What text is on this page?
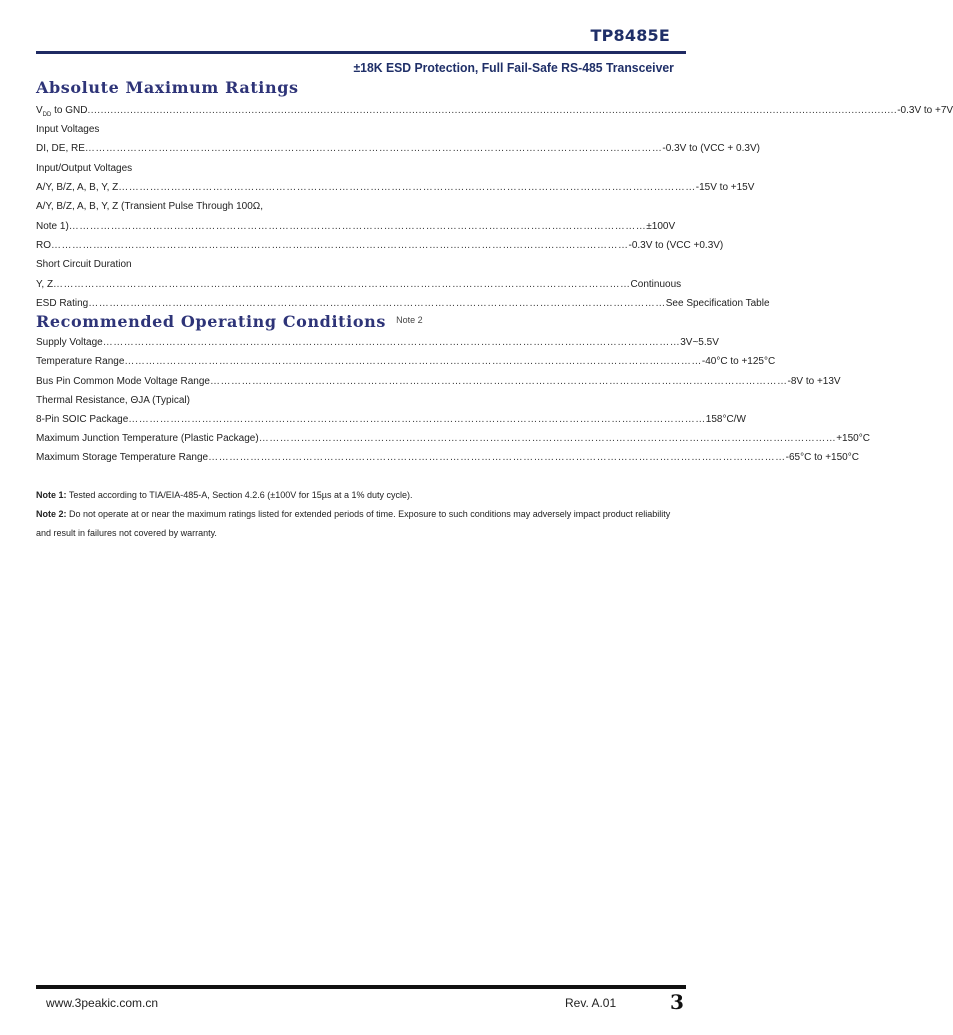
TP8485E
±18K ESD Protection, Full Fail-Safe RS-485 Transceiver
Absolute Maximum Ratings
$V_{DD}$ to GND ....................................................................................................................................................................................................................................................... -0.3V to +7V
Input Voltages
DI, DE, RE ………………………………………………………………………………………………………………………………………………… -0.3V to (VCC + 0.3V)
Input/Output Voltages
A/Y, B/Z, A, B, Y, Z ………………………………………………………………………………………………………………………………………………… -15V to +15V
A/Y, B/Z, A, B, Y, Z (Transient Pulse Through 100Ω,
Note 1) ………………………………………………………………………………………………………………………………………………… ±100V
RO ………………………………………………………………………………………………………………………………………………… -0.3V to (VCC +0.3V)
Short Circuit Duration
Y, Z ………………………………………………………………………………………………………………………………………………… Continuous
ESD Rating ………………………………………………………………………………………………………………………………………………… See Specification Table
Recommended Operating Conditions $^{Note 2}$
Supply Voltage ………………………………………………………………………………………………………………………………………………… 3V~5.5V
Temperature Range ………………………………………………………………………………………………………………………………………………… -40°C to +125°C
Bus Pin Common Mode Voltage Range ………………………………………………………………………………………………………………………………………………… -8V to +13V
Thermal Resistance, ΘJA (Typical)
8-Pin SOIC Package ………………………………………………………………………………………………………………………………………………… 158°C/W
Maximum Junction Temperature (Plastic Package) ………………………………………………………………………………………………………………………………………………… +150°C
Maximum Storage Temperature Range ………………………………………………………………………………………………………………………………………………… -65°C to +150°C
Note 1: Tested according to TIA/EIA-485-A, Section 4.2.6 (±100V for 15µs at a 1% duty cycle).
Note 2: Do not operate at or near the maximum ratings listed for extended periods of time. Exposure to such conditions may adversely impact product reliability and result in failures not covered by warranty.
www.3peakic.com.cn	Rev. A.01	3
